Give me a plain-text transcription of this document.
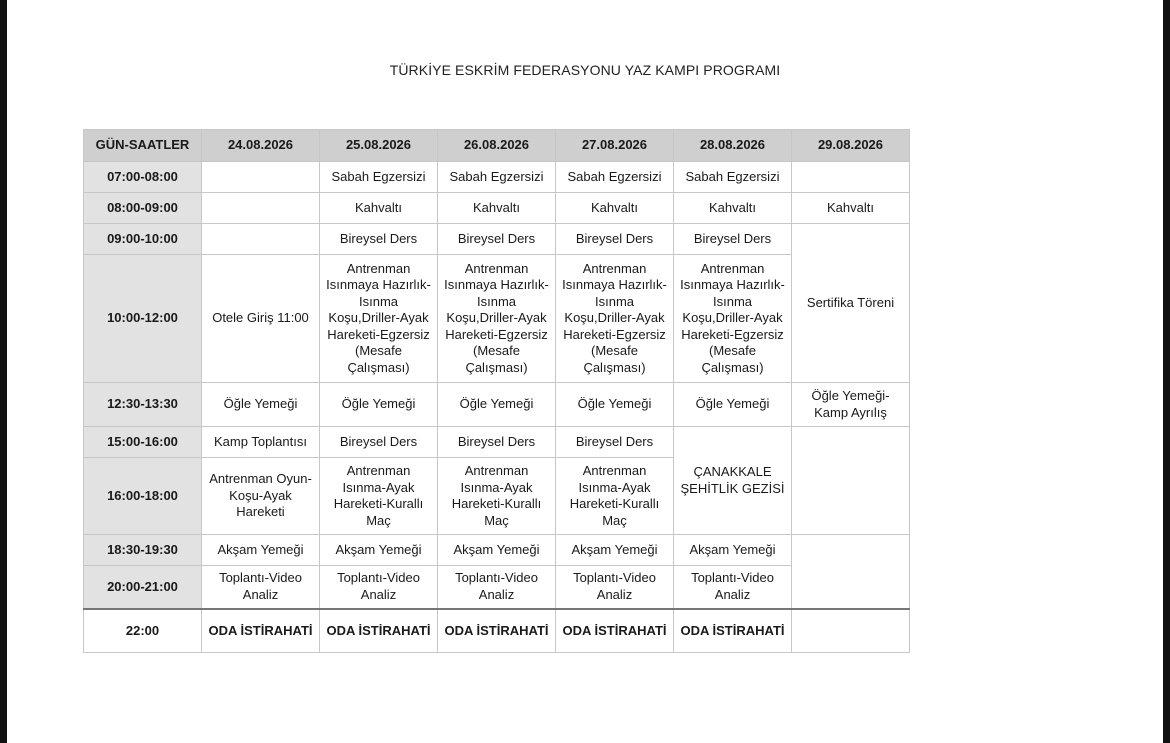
TÜRKİYE ESKRİM FEDERASYONU YAZ KAMPI PROGRAMI
GÜN-SAATLER	24.08.2026	25.08.2026	26.08.2026	27.08.2026	28.08.2026	29.08.2026
07:00-08:00		Sabah Egzersizi	Sabah Egzersizi	Sabah Egzersizi	Sabah Egzersizi	
08:00-09:00		Kahvaltı	Kahvaltı	Kahvaltı	Kahvaltı	Kahvaltı
09:00-10:00		Bireysel Ders	Bireysel Ders	Bireysel Ders	Bireysel Ders	Sertifika Töreni
10:00-12:00	Otele Giriş 11:00	Antrenman Isınmaya Hazırlık-Isınma Koşu,Driller-Ayak Hareketi-Egzersiz (Mesafe Çalışması)	Antrenman Isınmaya Hazırlık-Isınma Koşu,Driller-Ayak Hareketi-Egzersiz (Mesafe Çalışması)	Antrenman Isınmaya Hazırlık-Isınma Koşu,Driller-Ayak Hareketi-Egzersiz (Mesafe Çalışması)	Antrenman Isınmaya Hazırlık-Isınma Koşu,Driller-Ayak Hareketi-Egzersiz (Mesafe Çalışması)	
12:30-13:30	Öğle Yemeği	Öğle Yemeği	Öğle Yemeği	Öğle Yemeği	Öğle Yemeği	Öğle Yemeği-Kamp Ayrılış
15:00-16:00	Kamp Toplantısı	Bireysel Ders	Bireysel Ders	Bireysel Ders	ÇANAKKALE ŞEHİTLİK GEZİSİ	
16:00-18:00	Antrenman Oyun-Koşu-Ayak Hareketi	Antrenman Isınma-Ayak Hareketi-Kurallı Maç	Antrenman Isınma-Ayak Hareketi-Kurallı Maç	Antrenman Isınma-Ayak Hareketi-Kurallı Maç		
18:30-19:30	Akşam Yemeği	Akşam Yemeği	Akşam Yemeği	Akşam Yemeği	Akşam Yemeği	
20:00-21:00	Toplantı-Video Analiz	Toplantı-Video Analiz	Toplantı-Video Analiz	Toplantı-Video Analiz	Toplantı-Video Analiz	
22:00	ODA İSTİRAHATİ	ODA İSTİRAHATİ	ODA İSTİRAHATİ	ODA İSTİRAHATİ	ODA İSTİRAHATİ	
